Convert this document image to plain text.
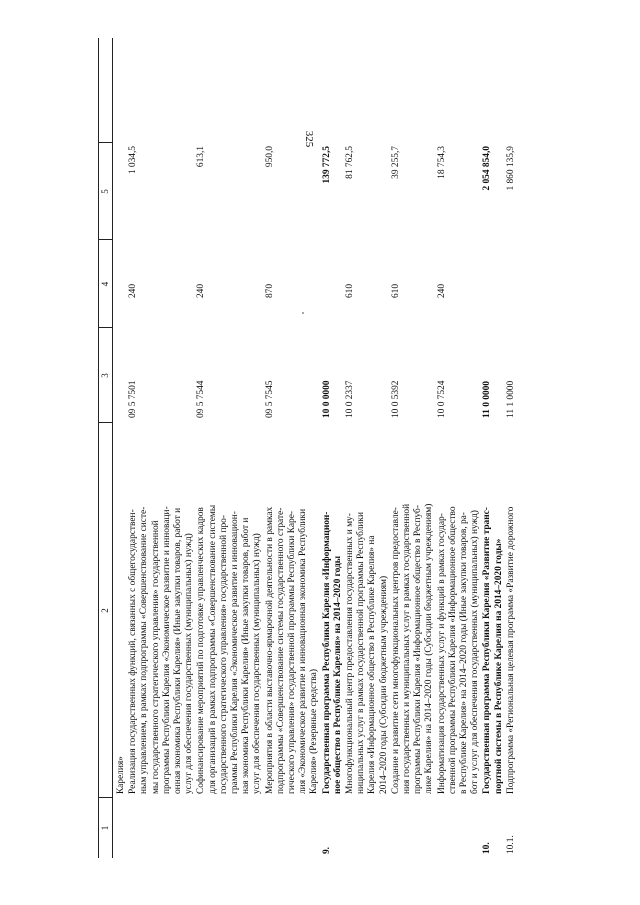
325
1
2
3
4
5
Карелия» Реализация государственных функций, связанных с общегосударствен- ным управлением, в рамках подпрограммы «Совершенствование систе- мы государственного стратегического управления» государственной программы Республики Карелия «Экономическое развитие и инновaци- онная экономика Республики Карелия» (Иные закупки товаров, работ и услуг для обеспечения государственных (муниципальных) нужд)
09 5 7501
240
1 034,5
Софинансирование мероприятий по подготовке управленческих кадров для организаций в рамках подпрограммы «Совершенствование системы государственного стратегического управления» государственной про- граммы Республики Карелия «Экономическое развитие и инновацион- ная экономика Республики Карелия» (Иные закупки товаров, работ и услуг для обеспечения государственных (муниципальных) нужд)
09 5 7544
240
613,1
Мероприятия в области выставочно-ярмарочной деятельности в рамках подпрограммы «Совершенствование системы государственного страте- гического управления» государственной программы Республики Каре- лия «Экономическое развитие и инновационная экономика Республики Карелия» (Резервные средства)
09 5 7545
870
950,0
9.
Государственная программа Республики Карелия «Информацион- ное общество в Республике Карелия» на 2014–2020 годы
10 0 0000
139 772,5
Многофункциональный центр предоставления государственных и му- ниципальных услуг в рамках государственной программы Республики Карелия «Информационное общество в Республике Карелия» на 2014–2020 годы (Субсидии бюджетным учреждениям)
10 0 2337
610
81 762,5
Создание и развитие сети многофункциональных центров предоставле- ния государственных и муниципальных услуг в рамках государственной программы Республики Карелия «Информационное общество в Респуб- лике Карелия» на 2014–2020 годы (Субсидии бюджетным учреждениям)
10 0 5392
610
39 255,7
Информатизация государственных услуг и функций в рамках государ- ственной программы Республики Карелия «Информационное общество в Республике Карелия» на 2014–2020 годы (Иные закупки товаров, ра- бот и услуг для обеспечения государственных (муниципальных) нужд)
10 0 7524
240
18 754,3
10.
Государственная программа Республики Карелия «Развитие транс- портной системы в Республике Карелия на 2014–2020 годы»
11 0 0000
2 054 854,0
10.1.
Подпрограмма «Региональная целевая программа «Развитие дорожного
11 1 0000
1 860 135,9
